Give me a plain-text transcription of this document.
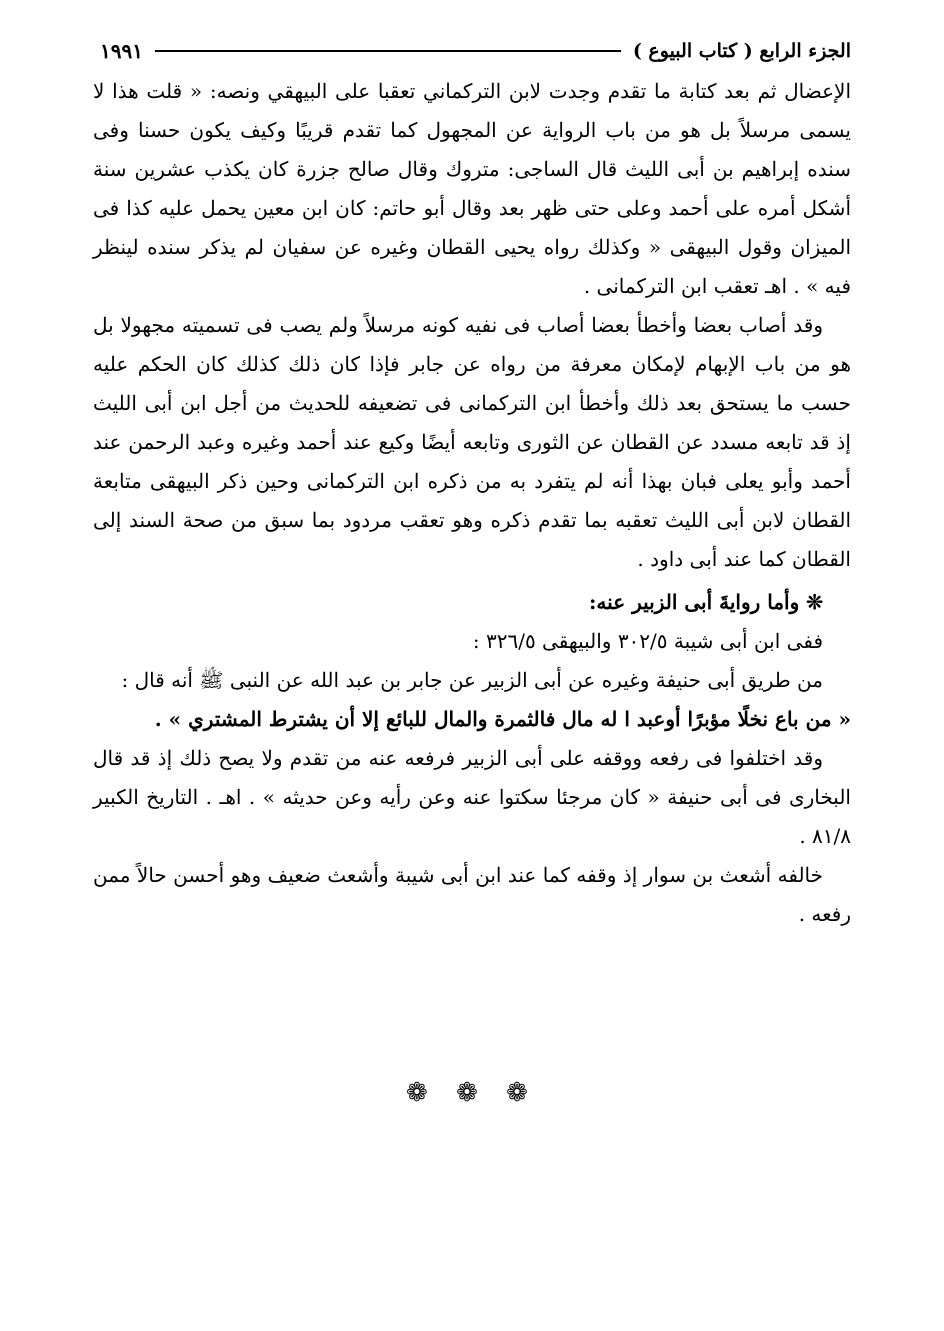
الجزء الرابع ( كتاب البيوع )
١٩٩١

الإعضال ثم بعد كتابة ما تقدم وجدت لابن التركماني تعقبا على البيهقي ونصه: « قلت هذا لا يسمى مرسلاً بل هو من باب الرواية عن المجهول كما تقدم قريبًا وكيف يكون حسنا وفى سنده إبراهيم بن أبى الليث قال الساجى: متروك وقال صالح جزرة كان يكذب عشرين سنة أشكل أمره على أحمد وعلى حتى ظهر بعد وقال أبو حاتم: كان ابن معين يحمل عليه كذا فى الميزان وقول البيهقى « وكذلك رواه يحيى القطان وغيره عن سفيان لم يذكر سنده لينظر فيه » . اهـ تعقب ابن التركمانى .

وقد أصاب بعضا وأخطأ بعضا أصاب فى نفيه كونه مرسلاً ولم يصب فى تسميته مجهولا بل هو من باب الإبهام لإمكان معرفة من رواه عن جابر فإذا كان ذلك كذلك كان الحكم عليه حسب ما يستحق بعد ذلك وأخطأ ابن التركمانى فى تضعيفه للحديث من أجل ابن أبى الليث إذ قد تابعه مسدد عن القطان عن الثورى وتابعه أيضًا وكيع عند أحمد وغيره وعبد الرحمن عند أحمد وأبو يعلى فبان بهذا أنه لم يتفرد به من ذكره ابن التركمانى وحين ذكر البيهقى متابعة القطان لابن أبى الليث تعقبه بما تقدم ذكره وهو تعقب مردود بما سبق من صحة السند إلى القطان كما عند أبى داود .

❊ وأما روايةَ أبى الزبير عنه:

ففى ابن أبى شيبة ٣٠٢/٥ والبيهقى ٣٢٦/٥ :

من طريق أبى حنيفة وغيره عن أبى الزبير عن جابر بن عبد الله عن النبى ﷺ أنه قال :

« من باع نخلًا مؤبرًا أوعبد ا له مال فالثمرة والمال للبائع إلا أن يشترط المشتري » .

وقد اختلفوا فى رفعه ووقفه على أبى الزبير فرفعه عنه من تقدم ولا يصح ذلك إذ قد قال البخارى فى أبى حنيفة « كان مرجئا سكتوا عنه وعن رأيه وعن حديثه » . اهـ . التاريخ الكبير ٨١/٨ .

خالفه أشعث بن سوار إذ وقفه كما عند ابن أبى شيبة وأشعث ضعيف وهو أحسن حالاً ممن رفعه .

❁ ❁ ❁
